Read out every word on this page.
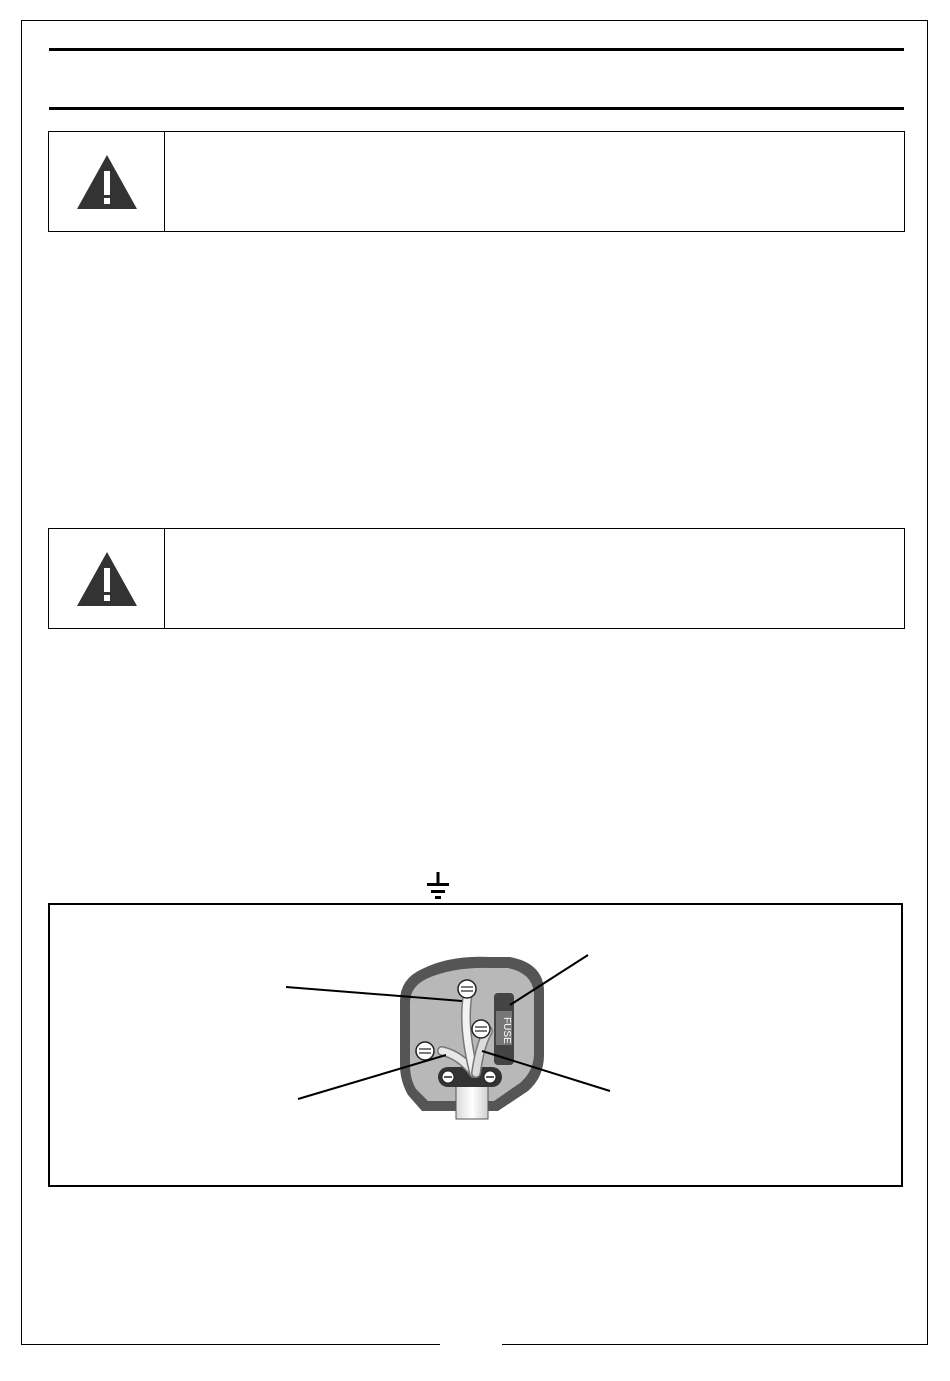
FUSE
